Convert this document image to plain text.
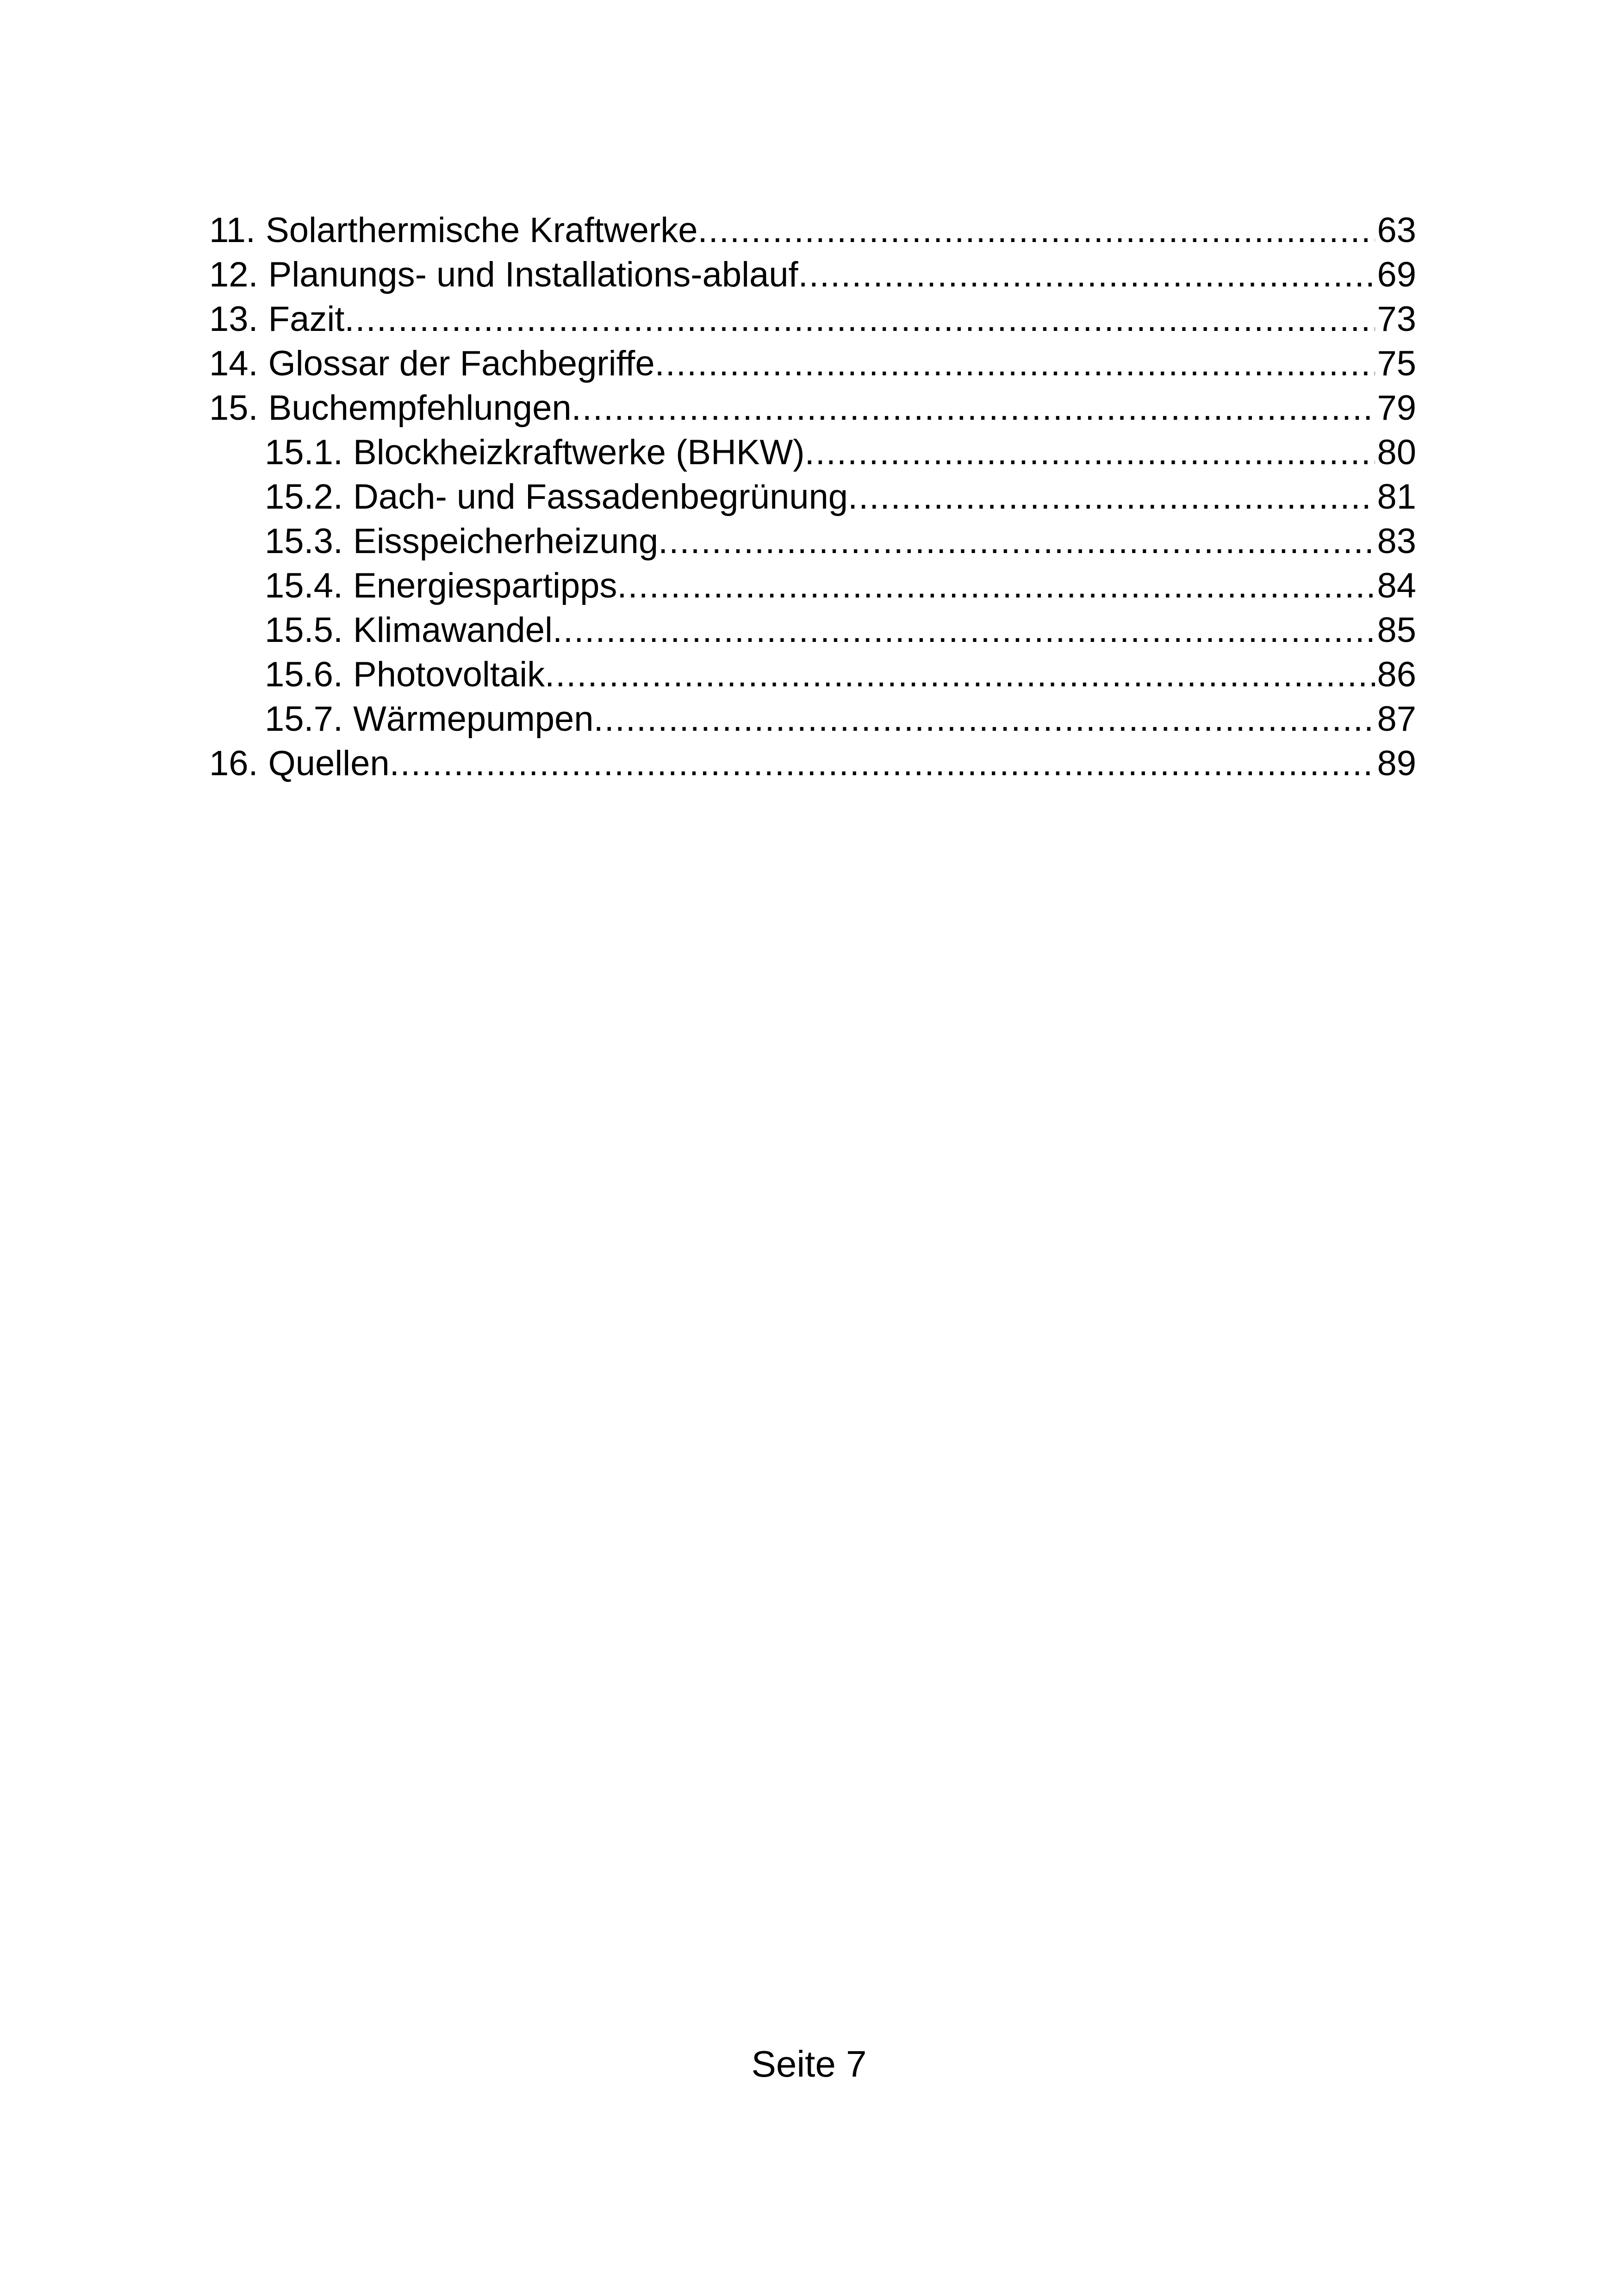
11. Solarthermische Kraftwerke .....	63
12. Planungs- und Installations-ablauf .....	69
13. Fazit .....	73
14. Glossar der Fachbegriffe .....	75
15. Buchempfehlungen .....	79
15.1. Blockheizkraftwerke (BHKW) .....	80
15.2. Dach- und Fassadenbegrünung .....	81
15.3. Eisspeicherheizung .....	83
15.4. Energiespartipps .....	84
15.5. Klimawandel .....	85
15.6. Photovoltaik .....	86
15.7. Wärmepumpen .....	87
16. Quellen .....	89
Seite 7
